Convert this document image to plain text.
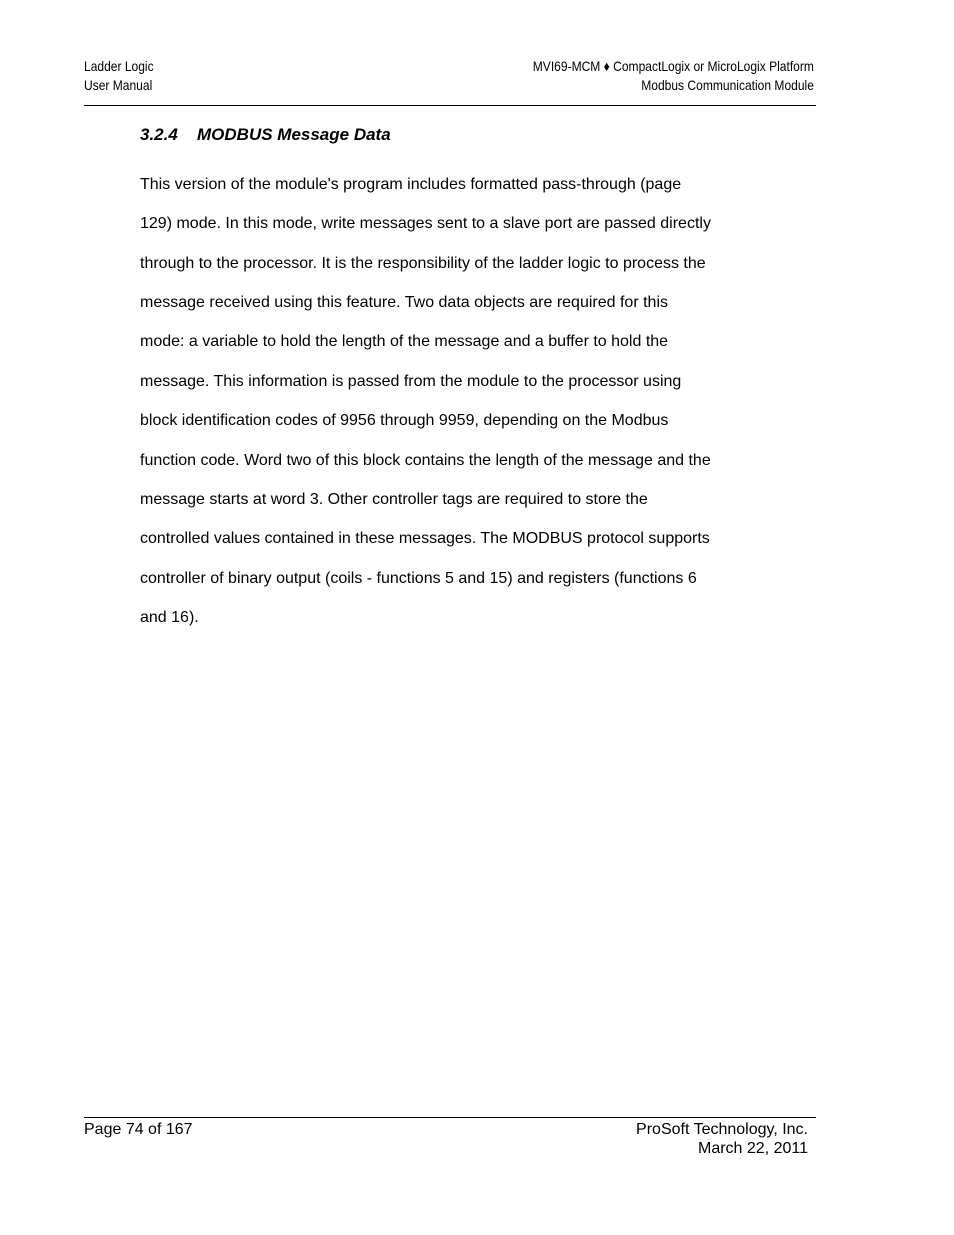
Ladder Logic
User Manual
MVI69-MCM ♦ CompactLogix or MicroLogix Platform
Modbus Communication Module
3.2.4 MODBUS Message Data

This version of the module's program includes formatted pass-through (page

129) mode. In this mode, write messages sent to a slave port are passed directly

through to the processor. It is the responsibility of the ladder logic to process the

message received using this feature. Two data objects are required for this

mode: a variable to hold the length of the message and a buffer to hold the

message. This information is passed from the module to the processor using

block identification codes of 9956 through 9959, depending on the Modbus

function code. Word two of this block contains the length of the message and the

message starts at word 3. Other controller tags are required to store the

controlled values contained in these messages. The MODBUS protocol supports

controller of binary output (coils - functions 5 and 15) and registers (functions 6

and 16).

Page 74 of 167	ProSoft Technology, Inc.
March 22, 2011
